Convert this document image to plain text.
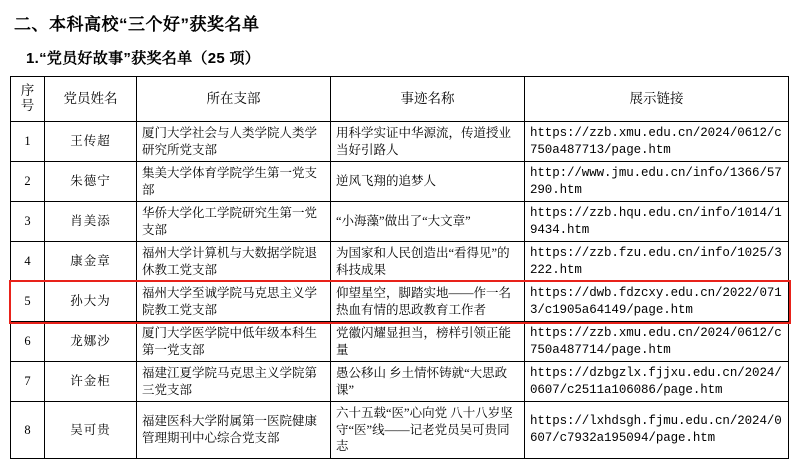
二、本科高校“三个好”获奖名单
1.“党员好故事”获奖名单（25 项）
序
号	党员姓名	所在支部	事迹名称	展示链接
1	王传超	厦门大学社会与人类学院人类学研究所党支部	用科学实证中华源流，传道授业当好引路人	https://zzb.xmu.edu.cn/2024/0612/c750a487713/page.htm
2	朱德宁	集美大学体育学院学生第一党支部	逆风飞翔的追梦人	http://www.jmu.edu.cn/info/1366/57290.htm
3	肖美添	华侨大学化工学院研究生第一党支部	“小海藻”做出了“大文章”	https://zzb.hqu.edu.cn/info/1014/19434.htm
4	康金章	福州大学计算机与大数据学院退休教工党支部	为国家和人民创造出“看得见”的科技成果	https://zzb.fzu.edu.cn/info/1025/3222.htm
5	孙大为	福州大学至诚学院马克思主义学院教工党支部	仰望星空，脚踏实地——作一名热血有情的思政教育工作者	https://dwb.fdzcxy.edu.cn/2022/0713/c1905a64149/page.htm
6	龙娜沙	厦门大学医学院中低年级本科生第一党支部	党徽闪耀显担当，榜样引领正能量	https://zzb.xmu.edu.cn/2024/0612/c750a487714/page.htm
7	许金柜	福建江夏学院马克思主义学院第三党支部	愚公移山 乡土情怀铸就“大思政课”	https://dzbgzlx.fjjxu.edu.cn/2024/0607/c2511a106086/page.htm
8	吴可贵	福建医科大学附属第一医院健康管理期刊中心综合党支部	六十五载“医”心向党 八十八岁坚守“医”线——记老党员吴可贵同志	https://lxhdsgh.fjmu.edu.cn/2024/0607/c7932a195094/page.htm
